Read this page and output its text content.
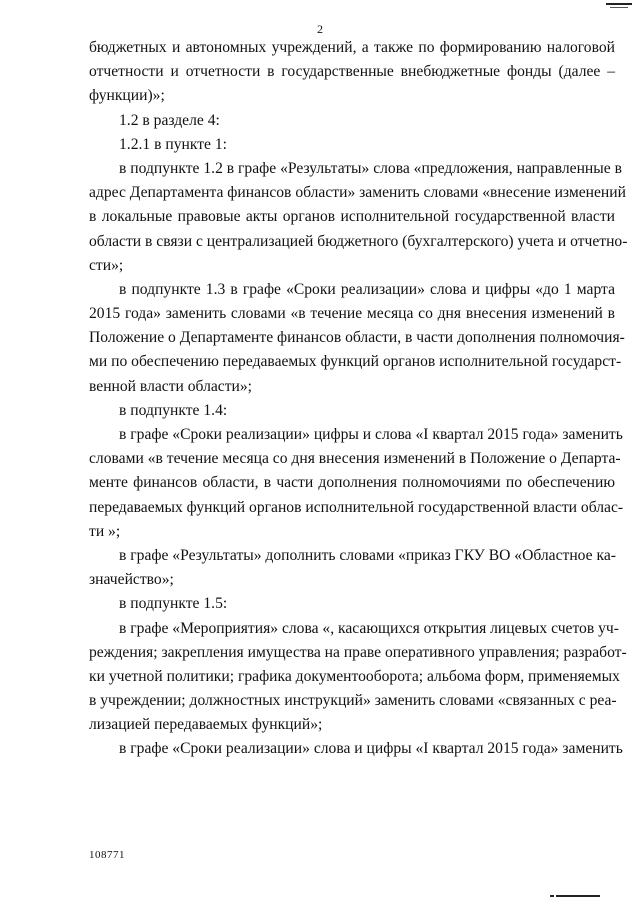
2
бюджетных и автономных учреждений, а также по формированию налоговой
отчетности и отчетности в государственные внебюджетные фонды (далее –
функции)»;
1.2 в разделе 4:
1.2.1 в пункте 1:
в подпункте 1.2 в графе «Результаты» слова «предложения, направленные в
адрес Департамента финансов области» заменить словами «внесение изменений
в локальные правовые акты органов исполнительной государственной власти
области в связи с централизацией бюджетного (бухгалтерского) учета и отчетно-
сти»;
в подпункте 1.3 в графе «Сроки реализации» слова и цифры «до 1 марта
2015 года» заменить словами «в течение месяца со дня внесения изменений в
Положение о Департаменте финансов области, в части дополнения полномочия-
ми по обеспечению передаваемых функций органов исполнительной государст-
венной власти области»;
в подпункте 1.4:
в графе «Сроки реализации» цифры и слова «I квартал 2015 года» заменить
словами «в течение месяца со дня внесения изменений в Положение о Департа-
менте финансов области, в части дополнения полномочиями по обеспечению
передаваемых функций органов исполнительной государственной власти облас-
ти »;
в графе «Результаты» дополнить словами «приказ ГКУ ВО «Областное ка-
значейство»;
в подпункте 1.5:
в графе «Мероприятия» слова «, касающихся открытия лицевых счетов уч-
реждения; закрепления имущества на праве оперативного управления; разработ-
ки учетной политики; графика документооборота; альбома форм, применяемых
в учреждении; должностных инструкций» заменить словами «связанных с реа-
лизацией передаваемых функций»;
в графе «Сроки реализации» слова и цифры «I квартал 2015 года» заменить
108771
